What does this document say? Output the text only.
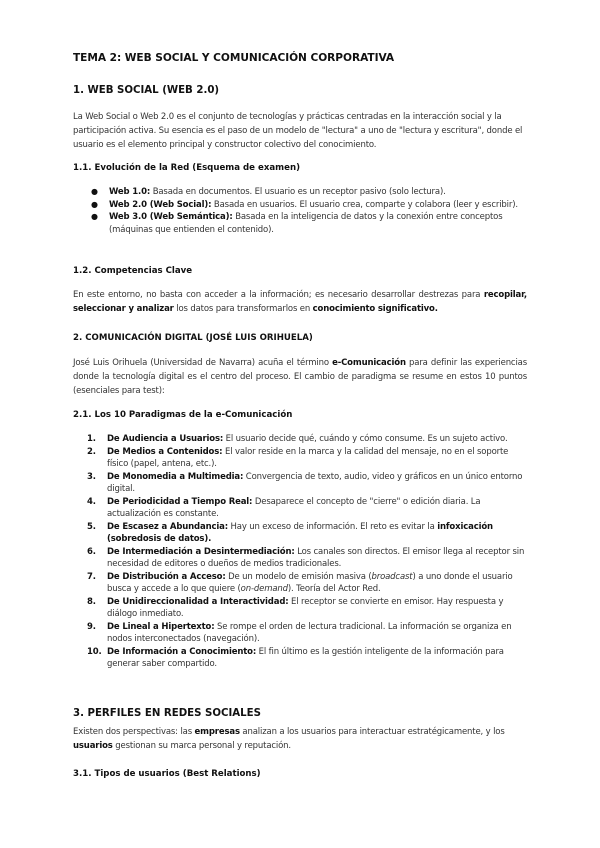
TEMA 2: WEB SOCIAL Y COMUNICACIÓN CORPORATIVA
1. WEB SOCIAL (WEB 2.0)
La Web Social o Web 2.0 es el conjunto de tecnologías y prácticas centradas en la interacción social y la participación activa. Su esencia es el paso de un modelo de "lectura" a uno de "lectura y escritura", donde el usuario es el elemento principal y constructor colectivo del conocimiento.
1.1. Evolución de la Red (Esquema de examen)
● Web 1.0: Basada en documentos. El usuario es un receptor pasivo (solo lectura).
● Web 2.0 (Web Social): Basada en usuarios. El usuario crea, comparte y colabora (leer y escribir).
● Web 3.0 (Web Semántica): Basada en la inteligencia de datos y la conexión entre conceptos (máquinas que entienden el contenido).
1.2. Competencias Clave
En este entorno, no basta con acceder a la información; es necesario desarrollar destrezas para recopilar, seleccionar y analizar los datos para transformarlos en conocimiento significativo.
2. COMUNICACIÓN DIGITAL (JOSÉ LUIS ORIHUELA)
José Luis Orihuela (Universidad de Navarra) acuña el término e-Comunicación para definir las experiencias donde la tecnología digital es el centro del proceso. El cambio de paradigma se resume en estos 10 puntos (esenciales para test):
2.1. Los 10 Paradigmas de la e-Comunicación
1. De Audiencia a Usuarios: El usuario decide qué, cuándo y cómo consume. Es un sujeto activo.
2. De Medios a Contenidos: El valor reside en la marca y la calidad del mensaje, no en el soporte físico (papel, antena, etc.).
3. De Monomedia a Multimedia: Convergencia de texto, audio, video y gráficos en un único entorno digital.
4. De Periodicidad a Tiempo Real: Desaparece el concepto de "cierre" o edición diaria. La actualización es constante.
5. De Escasez a Abundancia: Hay un exceso de información. El reto es evitar la infoxicación (sobredosis de datos).
6. De Intermediación a Desintermediación: Los canales son directos. El emisor llega al receptor sin necesidad de editores o dueños de medios tradicionales.
7. De Distribución a Acceso: De un modelo de emisión masiva (broadcast) a uno donde el usuario busca y accede a lo que quiere (on-demand). Teoría del Actor Red.
8. De Unidireccionalidad a Interactividad: El receptor se convierte en emisor. Hay respuesta y diálogo inmediato.
9. De Lineal a Hipertexto: Se rompe el orden de lectura tradicional. La información se organiza en nodos interconectados (navegación).
10. De Información a Conocimiento: El fin último es la gestión inteligente de la información para generar saber compartido.
3. PERFILES EN REDES SOCIALES
Existen dos perspectivas: las empresas analizan a los usuarios para interactuar estratégicamente, y los usuarios gestionan su marca personal y reputación.
3.1. Tipos de usuarios (Best Relations)
